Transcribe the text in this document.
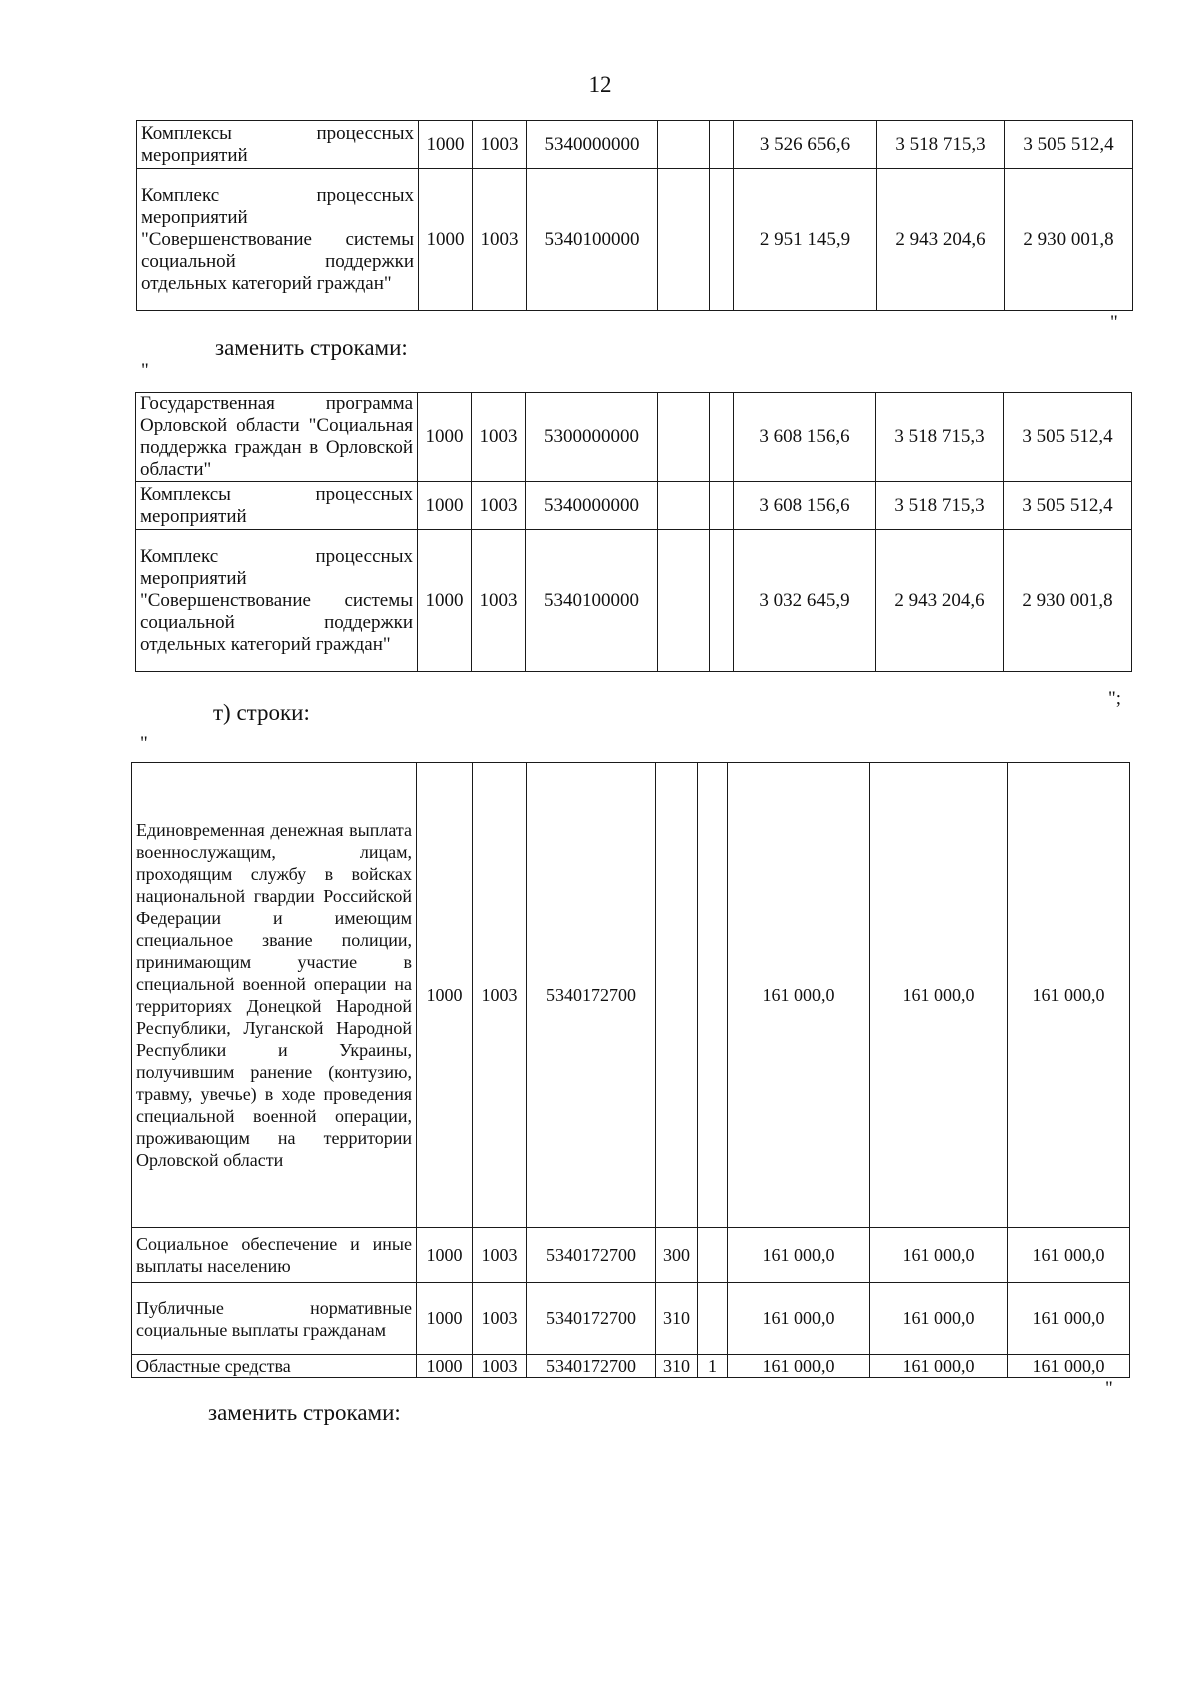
12
Комплексы процессных мероприятий	1000	1003	5340000000			3 526 656,6	3 518 715,3	3 505 512,4
Комплекс процессных мероприятий "Совершенствование системы социальной поддержки отдельных категорий граждан"	1000	1003	5340100000			2 951 145,9	2 943 204,6	2 930 001,8
"
заменить строками:
"
Государственная программа Орловской области "Социальная поддержка граждан в Орловской области"	1000	1003	5300000000			3 608 156,6	3 518 715,3	3 505 512,4
Комплексы процессных мероприятий	1000	1003	5340000000			3 608 156,6	3 518 715,3	3 505 512,4
Комплекс процессных мероприятий "Совершенствование системы социальной поддержки отдельных категорий граждан"	1000	1003	5340100000			3 032 645,9	2 943 204,6	2 930 001,8
";
т) строки:
"
Единовременная денежная выплата военнослужащим, лицам, проходящим службу в войсках национальной гвардии Российской Федерации и имеющим специальное звание полиции, принимающим участие в специальной военной операции на территориях Донецкой Народной Республики, Луганской Народной Республики и Украины, получившим ранение (контузию, травму, увечье) в ходе проведения специальной военной операции, проживающим на территории Орловской области	1000	1003	5340172700			161 000,0	161 000,0	161 000,0
Социальное обеспечение и иные выплаты населению	1000	1003	5340172700	300		161 000,0	161 000,0	161 000,0
Публичные нормативные социальные выплаты гражданам	1000	1003	5340172700	310		161 000,0	161 000,0	161 000,0
Областные средства	1000	1003	5340172700	310	1	161 000,0	161 000,0	161 000,0
"
заменить строками:
